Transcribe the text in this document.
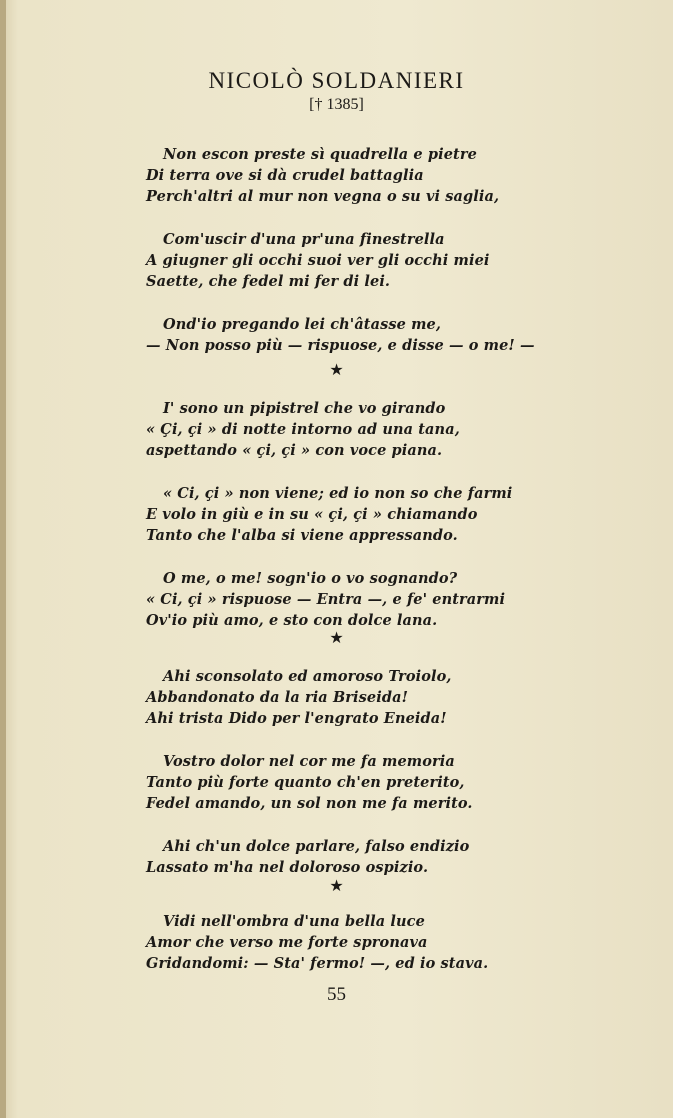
NICOLÒ SOLDANIERI
[† 1385]
Non escon preste sì quadrella e pietre
Di terra ove si dà crudel battaglia
Perch'altri al mur non vegna o su vi saglia,
Com'uscir d'una pr'una finestrella
A giugner gli occhi suoi ver gli occhi miei
Saette, che fedel mi fer di lei.
Ond'io pregando lei ch'âtasse me,
— Non posso più — rispuose, e disse — o me! —
★
I' sono un pipistrel che vo girando
« Çi, çi » di notte intorno ad una tana,
aspettando « çi, çi » con voce piana.
« Ci, çi » non viene; ed io non so che farmi
E volo in giù e in su « çi, çi » chiamando
Tanto che l'alba si viene appressando.
O me, o me! sogn'io o vo sognando?
« Ci, çi » rispuose — Entra —, e fe' entrarmi
Ov'io più amo, e sto con dolce lana.
★
Ahi sconsolato ed amoroso Troiolo,
Abbandonato da la ria Briseida!
Ahi trista Dido per l'engrato Eneida!
Vostro dolor nel cor me fa memoria
Tanto più forte quanto ch'en preterito,
Fedel amando, un sol non me fa merito.
Ahi ch'un dolce parlare, falso endizio
Lassato m'ha nel doloroso ospizio.
★
Vidi nell'ombra d'una bella luce
Amor che verso me forte spronava
Gridandomi: — Sta' fermo! —, ed io stava.
55
